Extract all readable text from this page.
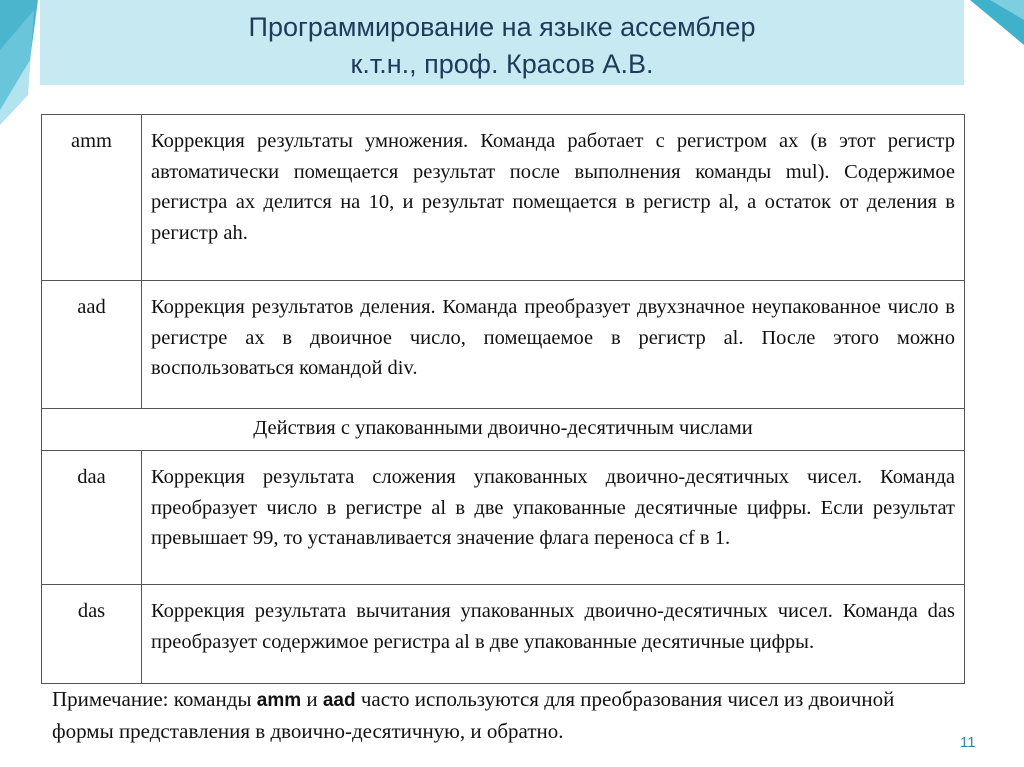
Программирование на языке ассемблер
к.т.н., проф. Красов А.В.
amm	Коррекция результаты умножения. Команда работает с регистром ax (в этот регистр автоматически помещается результат после выполнения команды mul). Содержимое регистра ax делится на 10, и результат помещается в регистр al, а остаток от деления в регистр ah.
aad	Коррекция результатов деления. Команда преобразует двухзначное неупакованное число в регистре ax в двоичное число, помещаемое в регистр al. После этого можно воспользоваться командой div.
Действия с упакованными двоично-десятичным числами	
daa	Коррекция результата сложения упакованных двоично-десятичных чисел. Команда преобразует число в регистре al в две упакованные десятичные цифры. Если результат превышает 99, то устанавливается значение флага переноса cf в 1.
das	Коррекция результата вычитания упакованных двоично-десятичных чисел. Команда das преобразует содержимое регистра al в две упакованные десятичные цифры.
Примечание: команды amm и aad часто используются для преобразования чисел из двоичной формы представления в двоично-десятичную, и обратно.	11
